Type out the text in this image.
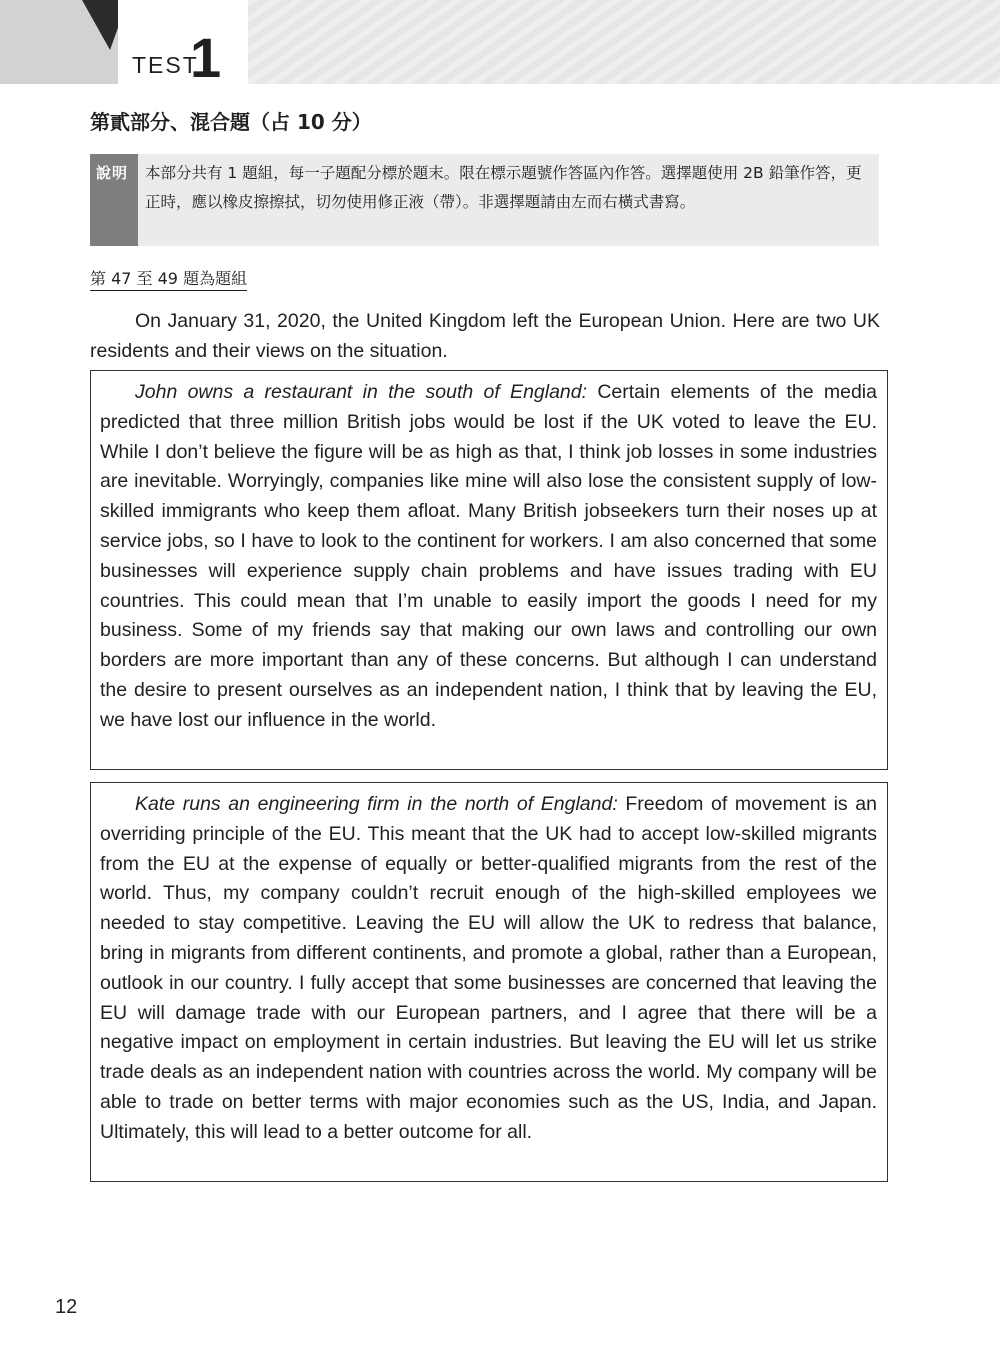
TEST
1
第貳部分、混合題（占 10 分）
說明 本部分共有 1 題組，每一子題配分標於題末。限在標示題號作答區內作答。選擇題使用 2B 鉛筆作答，更正時，應以橡皮擦擦拭，切勿使用修正液（帶）。非選擇題請由左而右橫式書寫。
第 47 至 49 題為題組
On January 31, 2020, the United Kingdom left the European Union. Here are two UK residents and their views on the situation.

John owns a restaurant in the south of England: Certain elements of the media predicted that three million British jobs would be lost if the UK voted to leave the EU. While I don’t believe the figure will be as high as that, I think job losses in some industries are inevitable. Worryingly, companies like mine will also lose the consistent supply of low-skilled immigrants who keep them afloat. Many British jobseekers turn their noses up at service jobs, so I have to look to the continent for workers. I am also concerned that some businesses will experience supply chain problems and have issues trading with EU countries. This could mean that I’m unable to easily import the goods I need for my business. Some of my friends say that making our own laws and controlling our own borders are more important than any of these concerns. But although I can understand the desire to present ourselves as an independent nation, I think that by leaving the EU, we have lost our influence in the world.

Kate runs an engineering firm in the north of England: Freedom of movement is an overriding principle of the EU. This meant that the UK had to accept low-skilled migrants from the EU at the expense of equally or better-qualified migrants from the rest of the world. Thus, my company couldn’t recruit enough of the high-skilled employees we needed to stay competitive. Leaving the EU will allow the UK to redress that balance, bring in migrants from different continents, and promote a global, rather than a European, outlook in our country. I fully accept that some businesses are concerned that leaving the EU will damage trade with our European partners, and I agree that there will be a negative impact on employment in certain industries. But leaving the EU will let us strike trade deals as an independent nation with countries across the world. My company will be able to trade on better terms with major economies such as the US, India, and Japan. Ultimately, this will lead to a better outcome for all.

12
